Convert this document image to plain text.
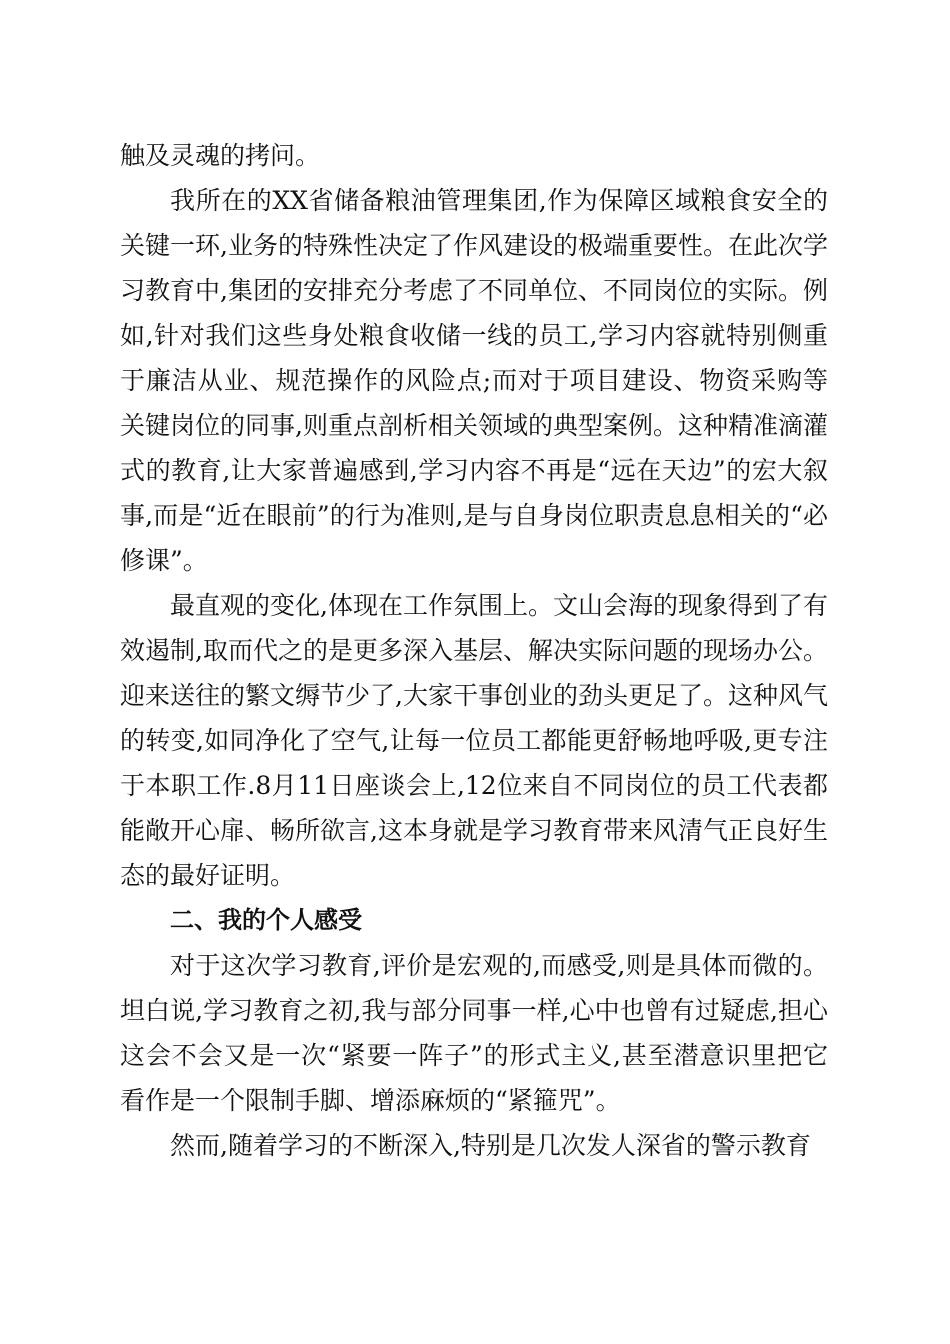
触及灵魂的拷问。

我所在的XX省储备粮油管理集团,作为保障区域粮食安全的关键一环,业务的特殊性决定了作风建设的极端重要性。在此次学习教育中,集团的安排充分考虑了不同单位、不同岗位的实际。例如,针对我们这些身处粮食收储一线的员工,学习内容就特别侧重于廉洁从业、规范操作的风险点;而对于项目建设、物资采购等关键岗位的同事,则重点剖析相关领域的典型案例。这种精准滴灌式的教育,让大家普遍感到,学习内容不再是“远在天边”的宏大叙事,而是“近在眼前”的行为准则,是与自身岗位职责息息相关的“必修课”。

最直观的变化,体现在工作氛围上。文山会海的现象得到了有效遏制,取而代之的是更多深入基层、解决实际问题的现场办公。迎来送往的繁文缛节少了,大家干事创业的劲头更足了。这种风气的转变,如同净化了空气,让每一位员工都能更舒畅地呼吸,更专注于本职工作.8月11日座谈会上,12位来自不同岗位的员工代表都能敞开心扉、畅所欲言,这本身就是学习教育带来风清气正良好生态的最好证明。

二、我的个人感受

对于这次学习教育,评价是宏观的,而感受,则是具体而微的。坦白说,学习教育之初,我与部分同事一样,心中也曾有过疑虑,担心这会不会又是一次“紧要一阵子”的形式主义,甚至潜意识里把它看作是一个限制手脚、增添麻烦的“紧箍咒”。

然而,随着学习的不断深入,特别是几次发人深省的警示教育
